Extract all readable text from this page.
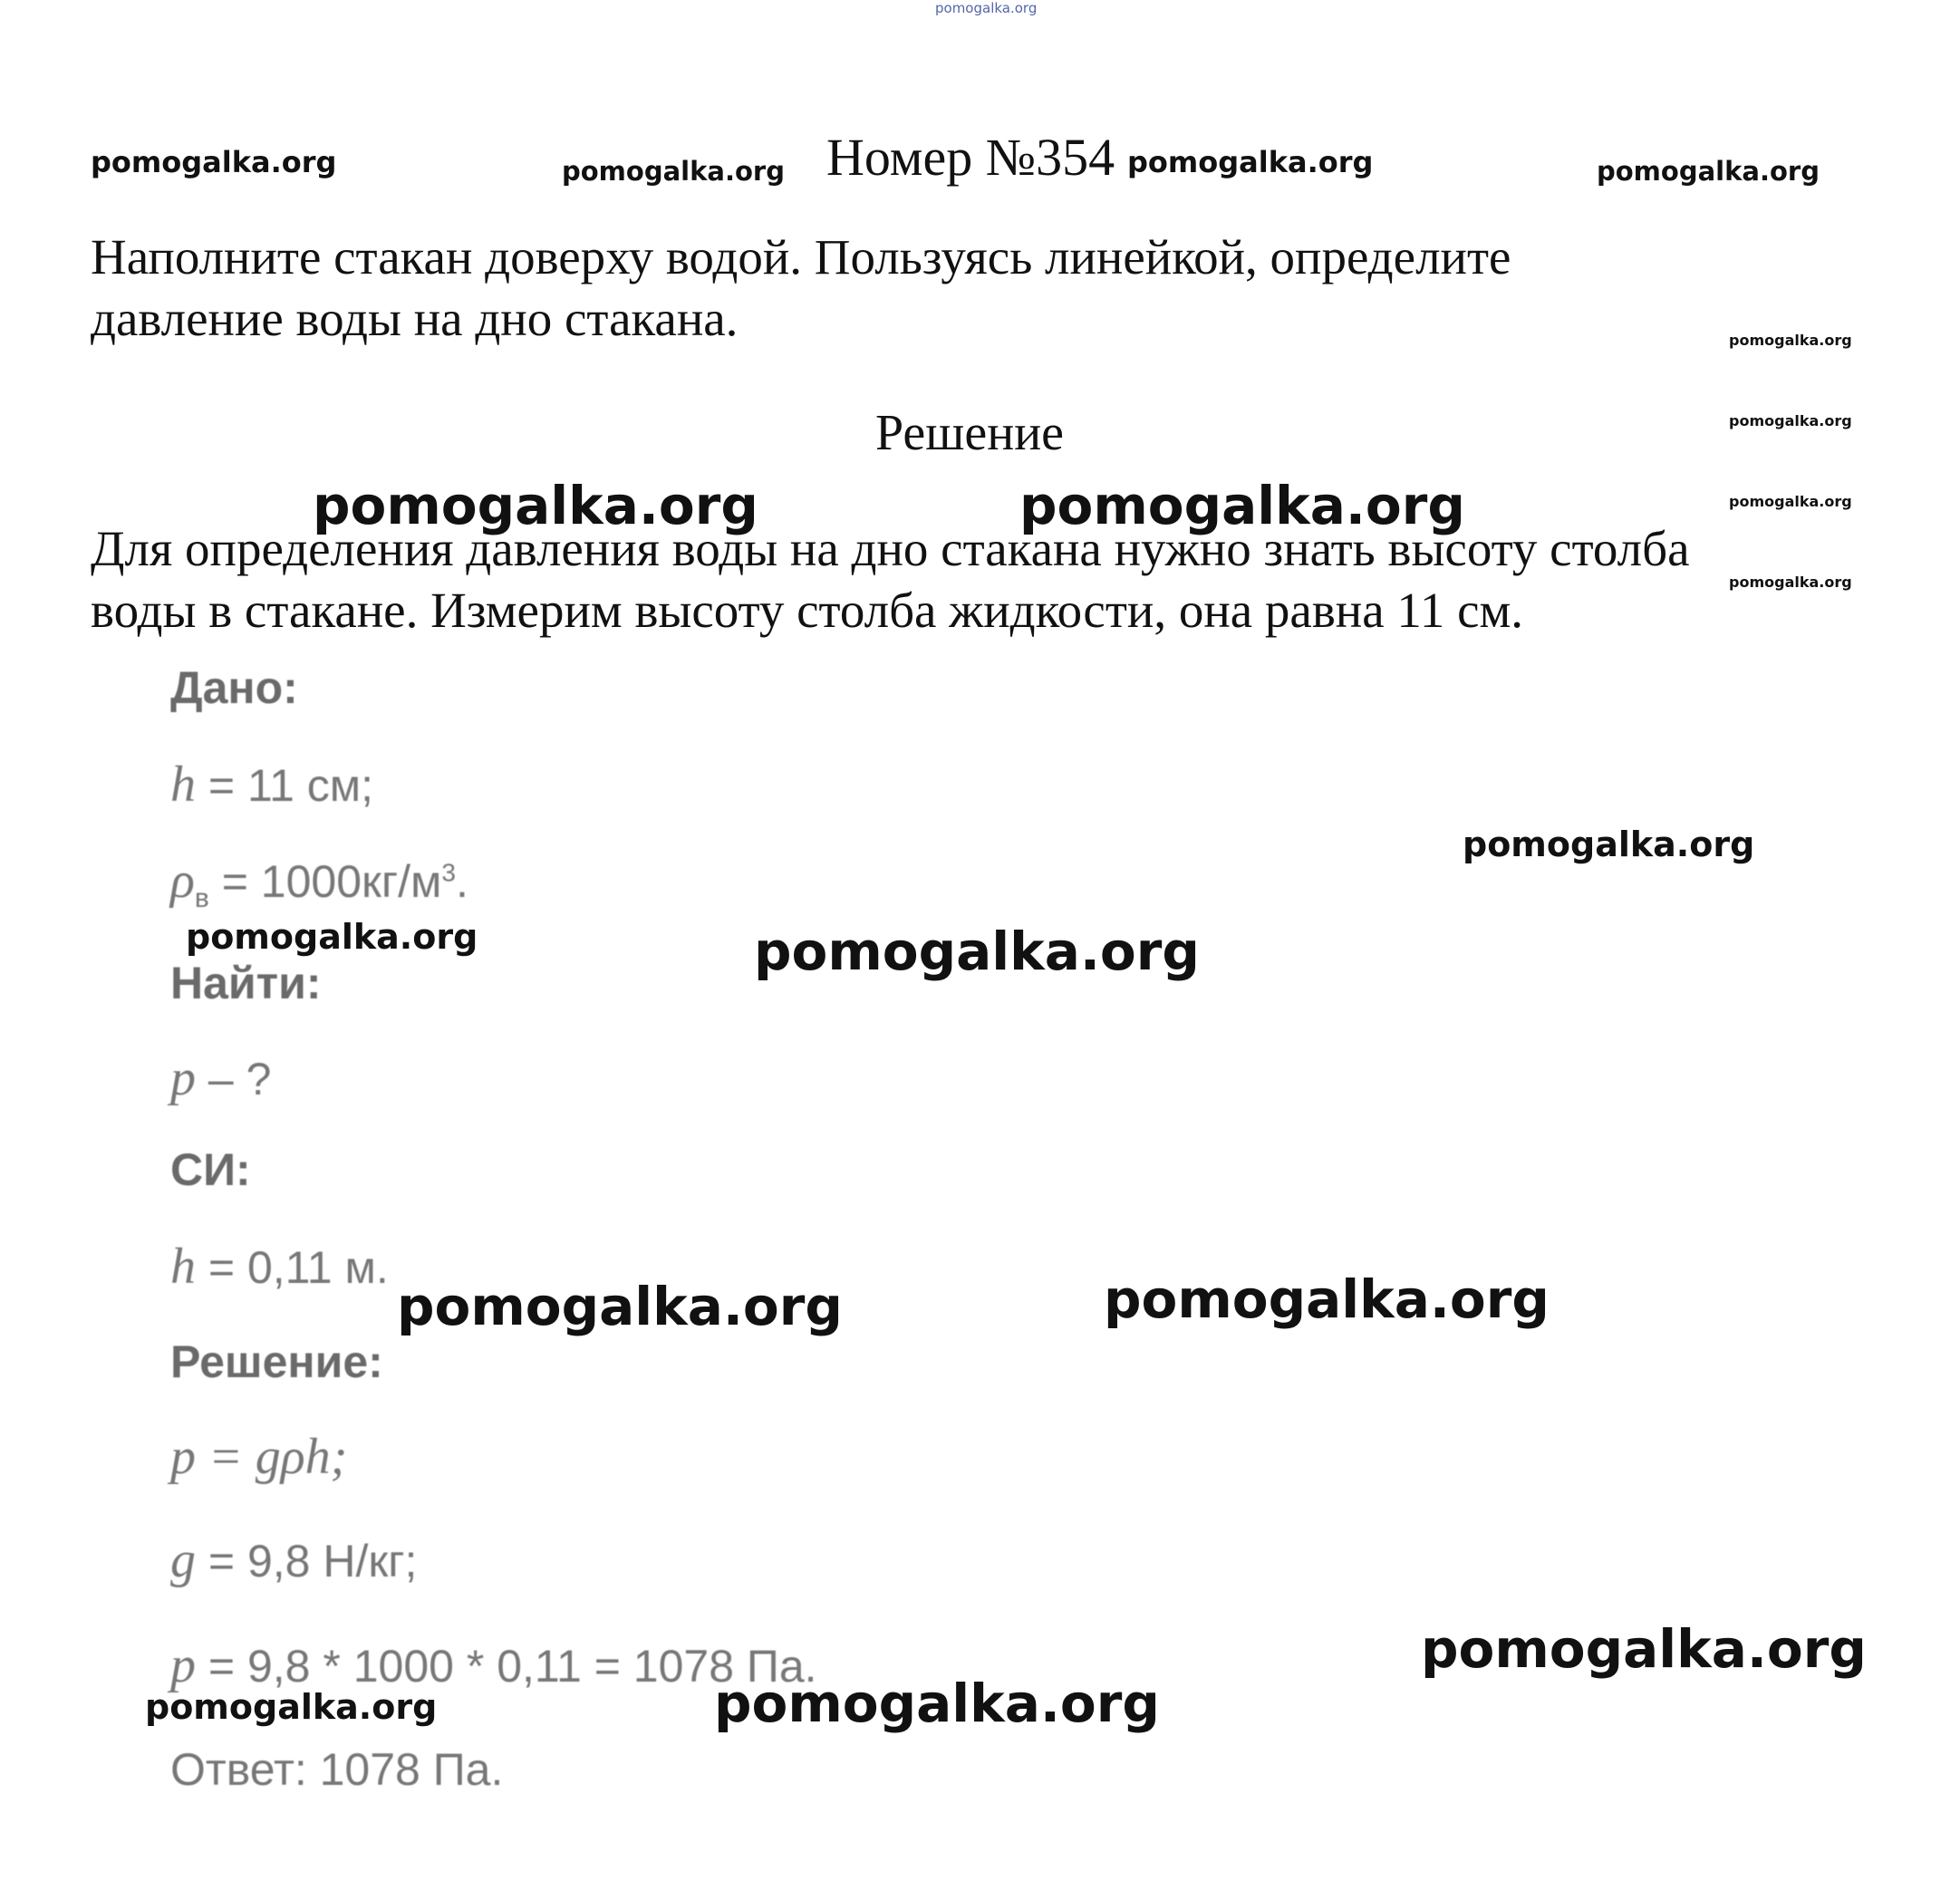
pomogalka.org
pomogalka.org	pomogalka.org	pomogalka.org	pomogalka.org
pomogalka.org
pomogalka.org
pomogalka.org
pomogalka.org
pomogalka.org	pomogalka.org
pomogalka.org
pomogalka.org	pomogalka.org
pomogalka.org	pomogalka.org
pomogalka.org
pomogalka.org	pomogalka.org
Номер №354
Наполните стакан доверху водой. Пользуясь линейкой, определите
давление воды на дно стакана.
Решение
Для определения давления воды на дно стакана нужно знать высоту столба
воды в стакане. Измерим высоту столба жидкости, она равна 11 см.
Дано:
h = 11 см;
$\rho_в = 1000кг/м^3$.
Найти:
p – ?
СИ:
h = 0,11 м.
Решение:
p = gρh;
g = 9,8 Н/кг;
p = 9,8 * 1000 * 0,11 = 1078 Па.
Ответ: 1078 Па.
